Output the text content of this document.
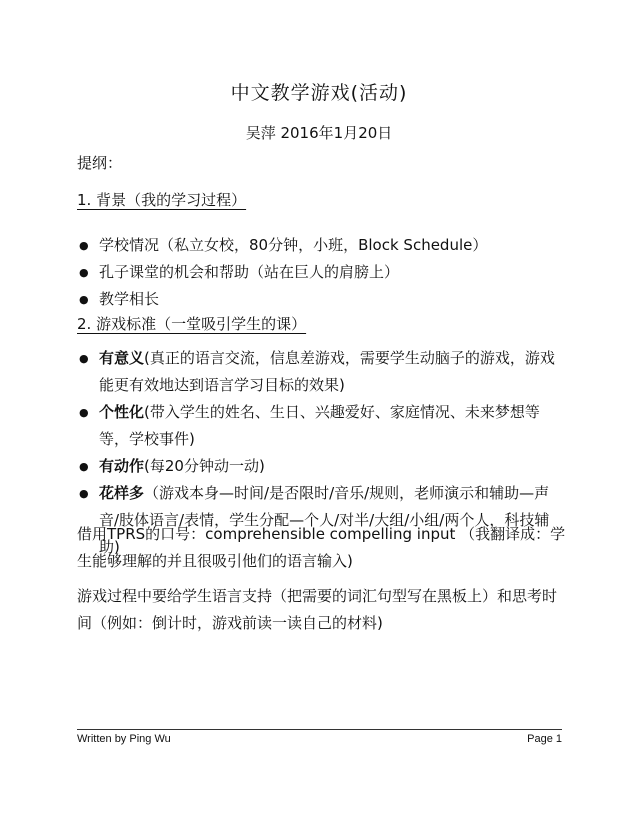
中文教学游戏(活动)
吴萍 2016年1月20日
提纲：
1. 背景（我的学习过程）
● 学校情况（私立女校，80分钟，小班，Block Schedule）
● 孔子课堂的机会和帮助（站在巨人的肩膀上）
● 教学相长
2. 游戏标准（一堂吸引学生的课）
● 有意义(真正的语言交流，信息差游戏，需要学生动脑子的游戏，游戏能更有效地达到语言学习目标的效果)
● 个性化(带入学生的姓名、生日、兴趣爱好、家庭情况、未来梦想等等，学校事件)
● 有动作(每20分钟动一动)
● 花样多（游戏本身—时间/是否限时/音乐/规则，老师演示和辅助—声音/肢体语言/表情，学生分配—个人/对半/大组/小组/两个人，科技辅助)
借用TPRS的口号：comprehensible compelling input （我翻译成：学生能够理解的并且很吸引他们的语言输入)
游戏过程中要给学生语言支持（把需要的词汇句型写在黑板上）和思考时间（例如：倒计时，游戏前读一读自己的材料)
Written by Ping Wu	Page 1
